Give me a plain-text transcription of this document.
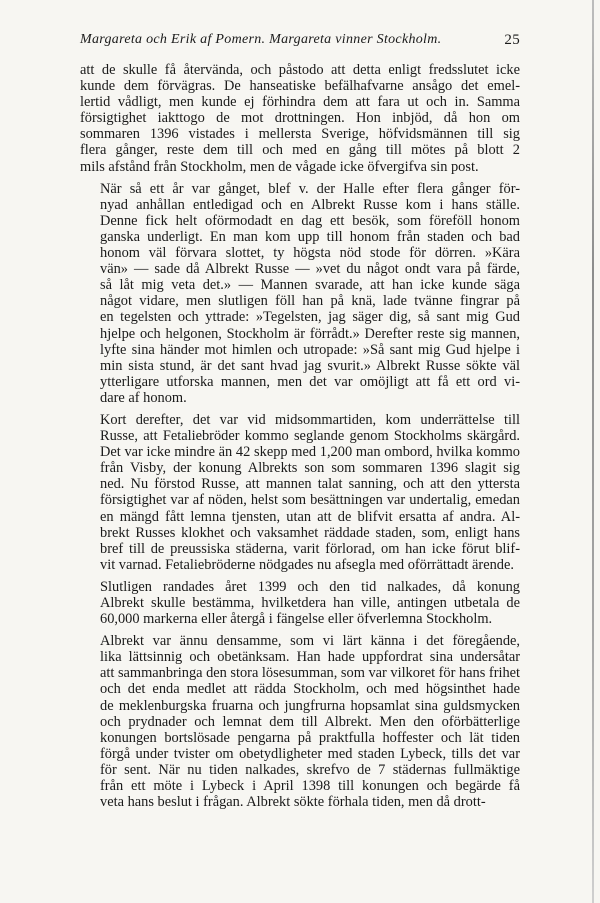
Margareta och Erik af Pomern. Margareta vinner Stockholm.	25
att de skulle få återvända, och påstodo att detta enligt fredsslutet icke
kunde dem förvägras. De hanseatiske befälhafvarne ansågo det emel-
lertid vådligt, men kunde ej förhindra dem att fara ut och in. Samma
försigtighet iakttogo de mot drottningen. Hon inbjöd, då hon om
sommaren 1396 vistades i mellersta Sverige, höfvidsmännen till sig
flera gånger, reste dem till och med en gång till mötes på blott 2
mils afstånd från Stockholm, men de vågade icke öfvergifva sin post.
När så ett år var gånget, blef v. der Halle efter flera gånger för-
nyad anhållan entledigad och en Albrekt Russe kom i hans ställe.
Denne fick helt oförmodadt en dag ett besök, som föreföll honom
ganska underligt. En man kom upp till honom från staden och bad
honom väl förvara slottet, ty högsta nöd stode för dörren. »Kära
vän» — sade då Albrekt Russe — »vet du något ondt vara på färde,
så låt mig veta det.» — Mannen svarade, att han icke kunde säga
något vidare, men slutligen föll han på knä, lade tvänne fingrar på
en tegelsten och yttrade: »Tegelsten, jag säger dig, så sant mig Gud
hjelpe och helgonen, Stockholm är förrådt.» Derefter reste sig mannen,
lyfte sina händer mot himlen och utropade: »Så sant mig Gud hjelpe i
min sista stund, är det sant hvad jag svurit.» Albrekt Russe sökte väl
ytterligare utforska mannen, men det var omöjligt att få ett ord vi-
dare af honom.
Kort derefter, det var vid midsommartiden, kom underrättelse till
Russe, att Fetaliebröder kommo seglande genom Stockholms skärgård.
Det var icke mindre än 42 skepp med 1,200 man ombord, hvilka kommo
från Visby, der konung Albrekts son som sommaren 1396 slagit sig
ned. Nu förstod Russe, att mannen talat sanning, och att den yttersta
försigtighet var af nöden, helst som besättningen var undertalig, emedan
en mängd fått lemna tjensten, utan att de blifvit ersatta af andra. Al-
brekt Russes klokhet och vaksamhet räddade staden, som, enligt hans
bref till de preussiska städerna, varit förlorad, om han icke förut blif-
vit varnad. Fetaliebröderne nödgades nu afsegla med oförrättadt ärende.
Slutligen randades året 1399 och den tid nalkades, då konung
Albrekt skulle bestämma, hvilketdera han ville, antingen utbetala de
60,000 markerna eller återgå i fängelse eller öfverlemna Stockholm.
Albrekt var ännu densamme, som vi lärt känna i det föregående,
lika lättsinnig och obetänksam. Han hade uppfordrat sina undersåtar
att sammanbringa den stora lösesumman, som var vilkoret för hans frihet
och det enda medlet att rädda Stockholm, och med högsinthet hade
de meklenburgska fruarna och jungfrurna hopsamlat sina guldsmycken
och prydnader och lemnat dem till Albrekt. Men den oförbätterlige
konungen bortslösade pengarna på praktfulla hoffester och lät tiden
förgå under tvister om obetydligheter med staden Lybeck, tills det var
för sent. När nu tiden nalkades, skrefvo de 7 städernas fullmäktige
från ett möte i Lybeck i April 1398 till konungen och begärde få
veta hans beslut i frågan. Albrekt sökte förhala tiden, men då drott-
